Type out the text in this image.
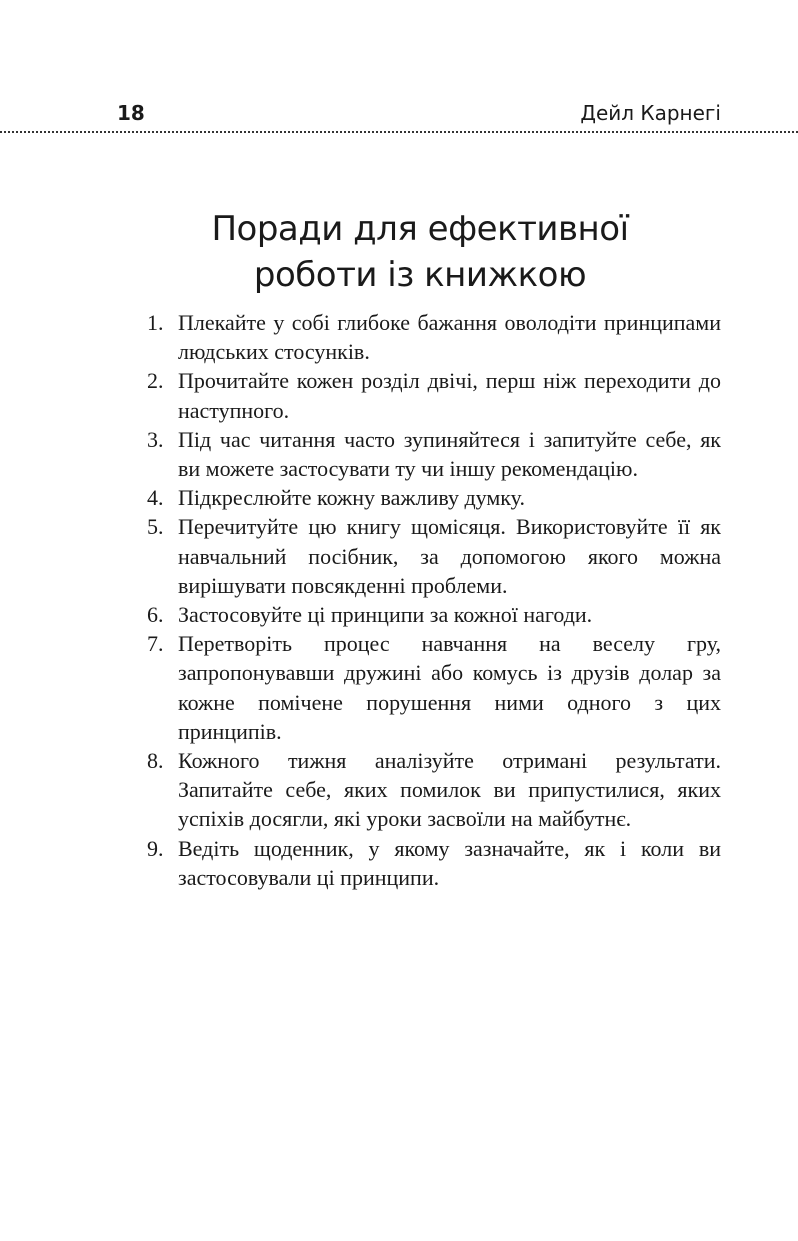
18	Дейл Карнегі
Поради для ефективної
роботи із книжкою
1. Плекайте у собі глибоке бажання оволодіти принципами людських стосунків.
2. Прочитайте кожен розділ двічі, перш ніж переходити до наступного.
3. Під час читання часто зупиняйтеся і запитуйте себе, як ви можете застосувати ту чи іншу рекомендацію.
4. Підкреслюйте кожну важливу думку.
5. Перечитуйте цю книгу щомісяця. Використовуйте її як навчальний посібник, за допомогою якого можна вирішувати повсякденні проблеми.
6. Застосовуйте ці принципи за кожної нагоди.
7. Перетворіть процес навчання на веселу гру, запропонувавши дружині або комусь із друзів долар за кожне помічене порушення ними одного з цих принципів.
8. Кожного тижня аналізуйте отримані результати. Запитайте себе, яких помилок ви припустилися, яких успіхів досягли, які уроки засвоїли на майбутнє.
9. Ведіть щоденник, у якому зазначайте, як і коли ви застосовували ці принципи.
